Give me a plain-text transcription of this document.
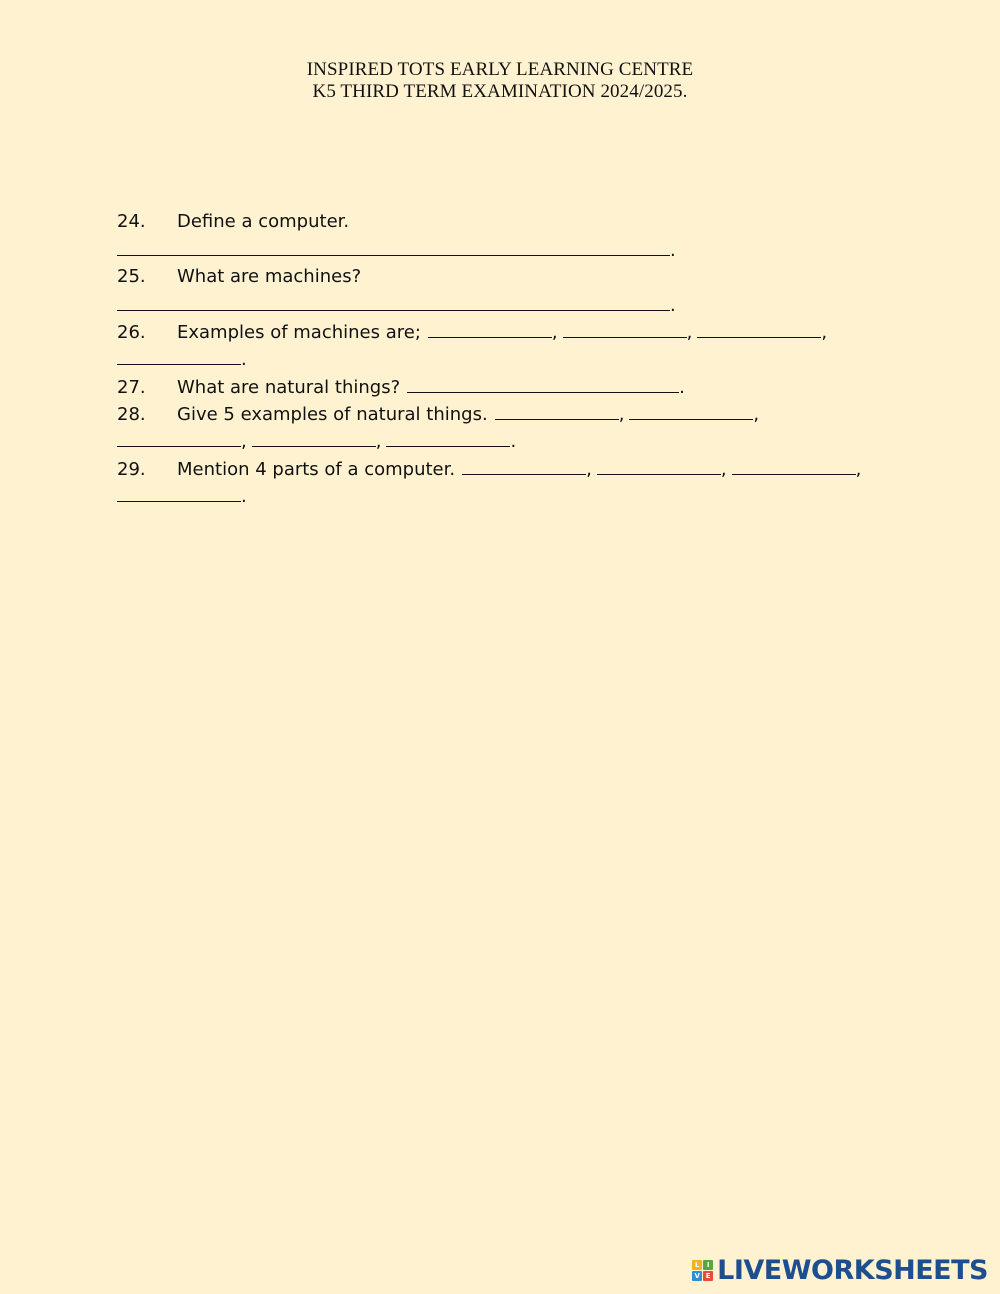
INSPIRED TOTS EARLY LEARNING CENTRE
K5 THIRD TERM EXAMINATION 2024/2025.
24.	Define a computer.
.
25.	What are machines?
.
26.	Examples of machines are;	,	,	,
.
27.	What are natural things?	.
28.	Give 5 examples of natural things.	,	,
,	,	.
29.	Mention 4 parts of a computer.	,	,	,
.
L	I
V E LIVEWORKSHEETS
